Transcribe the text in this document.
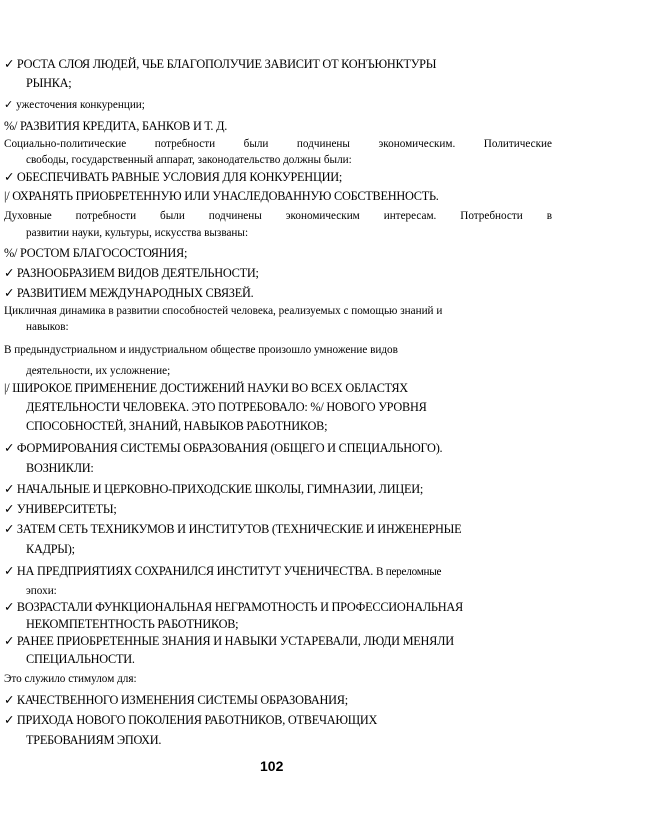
✓ РОСТА СЛОЯ ЛЮДЕЙ, ЧЬЕ БЛАГОПОЛУЧИЕ ЗАВИСИТ ОТ КОНЪЮНКТУРЫ
РЫНКА;
✓ ужесточения конкуренции;
%/ РАЗВИТИЯ КРЕДИТА, БАНКОВ И Т. Д.
Социально-политические потребности были подчинены экономическим. Политические
свободы, государственный аппарат, законодательство должны были:
✓ ОБЕСПЕЧИВАТЬ РАВНЫЕ УСЛОВИЯ ДЛЯ КОНКУРЕНЦИИ;
|/ ОХРАНЯТЬ ПРИОБРЕТЕННУЮ ИЛИ УНАСЛЕДОВАННУЮ СОБСТВЕННОСТЬ.
Духовные потребности были подчинены экономическим интересам. Потребности в
развитии науки, культуры, искусства вызваны:
%/ РОСТОМ БЛАГОСОСТОЯНИЯ;
✓ РАЗНООБРАЗИЕМ ВИДОВ ДЕЯТЕЛЬНОСТИ;
✓ РАЗВИТИЕМ МЕЖДУНАРОДНЫХ СВЯЗЕЙ.
Цикличная динамика в развитии способностей человека, реализуемых с помощью знаний и
навыков:
В предындустриальном и индустриальном обществе произошло умножение видов
деятельности, их усложнение;
|/ ШИРОКОЕ ПРИМЕНЕНИЕ ДОСТИЖЕНИЙ НАУКИ ВО ВСЕХ ОБЛАСТЯХ
ДЕЯТЕЛЬНОСТИ ЧЕЛОВЕКА. ЭТО ПОТРЕБОВАЛО: %/ НОВОГО УРОВНЯ
СПОСОБНОСТЕЙ, ЗНАНИЙ, НАВЫКОВ РАБОТНИКОВ;
✓ ФОРМИРОВАНИЯ СИСТЕМЫ ОБРАЗОВАНИЯ (ОБЩЕГО И СПЕЦИАЛЬНОГО).
ВОЗНИКЛИ:
✓ НАЧАЛЬНЫЕ И ЦЕРКОВНО-ПРИХОДСКИЕ ШКОЛЫ, ГИМНАЗИИ, ЛИЦЕИ;
✓ УНИВЕРСИТЕТЫ;
✓ ЗАТЕМ СЕТЬ ТЕХНИКУМОВ И ИНСТИТУТОВ (ТЕХНИЧЕСКИЕ И ИНЖЕНЕРНЫЕ
КАДРЫ);
✓ НА ПРЕДПРИЯТИЯХ СОХРАНИЛСЯ ИНСТИТУТ УЧЕНИЧЕСТВА. В переломные
эпохи:
✓ ВОЗРАСТАЛИ ФУНКЦИОНАЛЬНАЯ НЕГРАМОТНОСТЬ И ПРОФЕССИОНАЛЬНАЯ
НЕКОМПЕТЕНТНОСТЬ РАБОТНИКОВ;
✓ РАНЕЕ ПРИОБРЕТЕННЫЕ ЗНАНИЯ И НАВЫКИ УСТАРЕВАЛИ, ЛЮДИ МЕНЯЛИ
СПЕЦИАЛЬНОСТИ.
Это служило стимулом для:
✓ КАЧЕСТВЕННОГО ИЗМЕНЕНИЯ СИСТЕМЫ ОБРАЗОВАНИЯ;
✓ ПРИХОДА НОВОГО ПОКОЛЕНИЯ РАБОТНИКОВ, ОТВЕЧАЮЩИХ
ТРЕБОВАНИЯМ ЭПОХИ.
102
